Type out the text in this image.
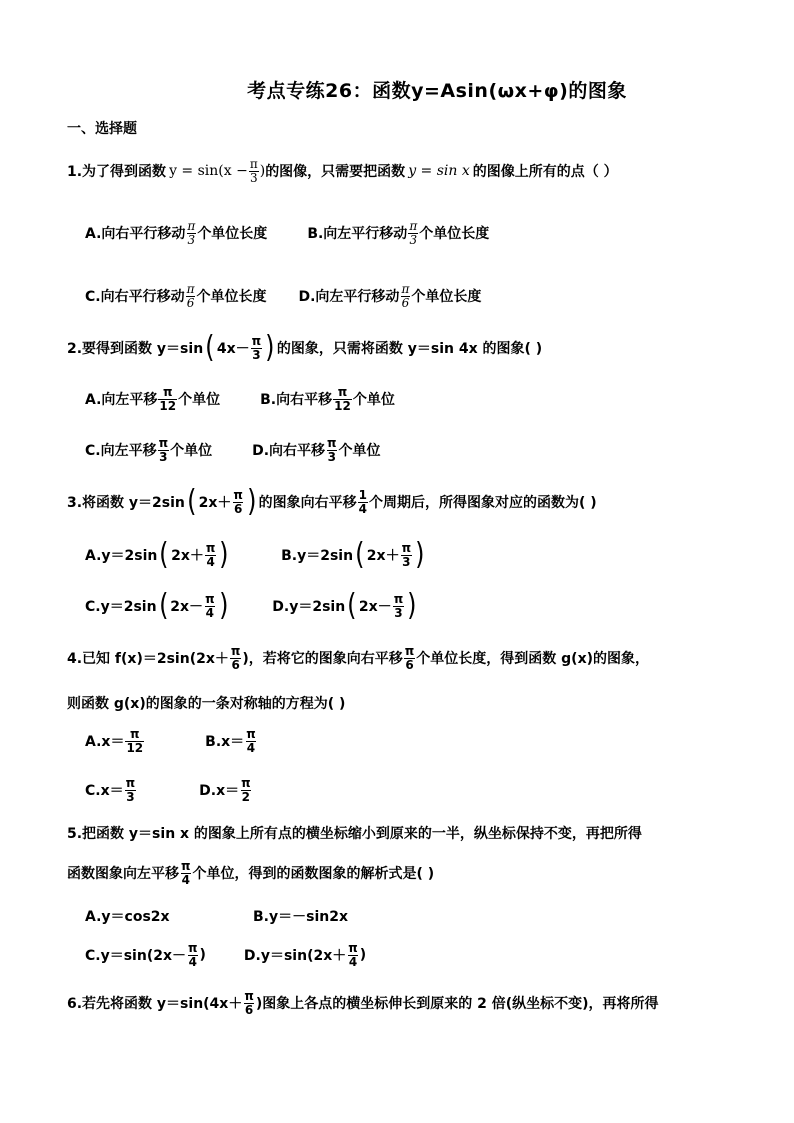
考点专练26：函数y=Asin(ωx+φ)的图象
一、选择题
1.为了得到函数 $y = \sin(x - \frac{\pi}{3}$ ) 的图像，只需要把函数 y = sin x 的图像上所有的点（ ）
A.向右平行移动 $\frac{\pi}{3}$ 个单位长度	B.向左平行移动 $\frac{\pi}{3}$ 个单位长度
C.向右平行移动 $\frac{\pi}{6}$ 个单位长度 D.向左平行移动 $\frac{\pi}{6}$ 个单位长度
2.要得到函数 y＝sin ( $4x- \frac{\pi}{3}$ ) 的图象，只需将函数 y＝sin 4x 的图象( )
A.向左平移 $\frac{\pi}{12}$ 个单位	B.向右平移 $\frac{\pi}{12}$ 个单位
C.向左平移 $\frac{\pi}{3}$ 个单位	D.向右平移 $\frac{\pi}{3}$ 个单位
3.将函数 y＝2sin ( $2x+ \frac{\pi}{6}$ ) 的图象向右平移 $\frac{1}{4}$ 个周期后，所得图象对应的函数为( )
A.y＝2sin ( $2x+ \frac{\pi}{4}$ )	B.y＝2sin ( $2x+ \frac{\pi}{3}$ )
C.y＝2sin ( $2x- \frac{\pi}{4}$ )	D.y＝2sin ( $2x- \frac{\pi}{3}$ )
4.已知 $f(x)=2\sin(2x+ \frac{\pi}{6}$ )，若将它的图象向右平移 $\frac{\pi}{6}$ 个单位长度，得到函数 g(x)的图象，
则函数 g(x)的图象的一条对称轴的方程为( )
$A.x= \frac{\pi}{12}$	$B.x= \frac{\pi}{4}$
$C.x= \frac{\pi}{3}$	$D.x= \frac{\pi}{2}$
5.把函数 y＝sin x 的图象上所有点的横坐标缩小到原来的一半，纵坐标保持不变，再把所得
函数图象向左平移 $\frac{\pi}{4}$ 个单位，得到的函数图象的解析式是( )
A.y＝cos2x	B.y＝－sin2x
$C.y=\sin(2x- \frac{\pi}{4}$ )	$D.y=\sin(2x+ \frac{\pi}{4}$ )
6.若先将函数 $y=\sin(4x+ \frac{\pi}{6}$ )图象上各点的横坐标伸长到原来的 2 倍(纵坐标不变)，再将所得
